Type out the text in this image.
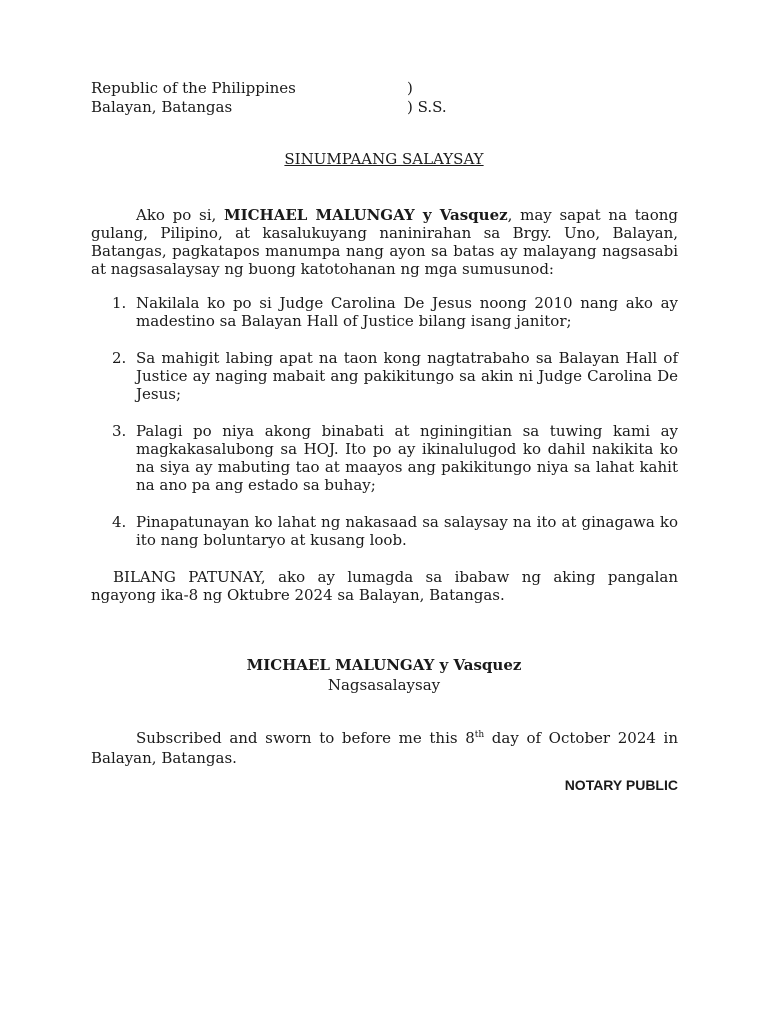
Republic of the Philippines	)
Balayan, Batangas	) S.S.
SINUMPAANG SALAYSAY
Ako po si, MICHAEL MALUNGAY y Vasquez, may sapat na taong gulang, Pilipino, at kasalukuyang naninirahan sa Brgy. Uno, Balayan, Batangas, pagkatapos manumpa nang ayon sa batas ay malayang nagsasabi at nagsasalaysay ng buong katotohanan ng mga sumusunod:
1. Nakilala ko po si Judge Carolina De Jesus noong 2010 nang ako ay madestino sa Balayan Hall of Justice bilang isang janitor;
2. Sa mahigit labing apat na taon kong nagtatrabaho sa Balayan Hall of Justice ay naging mabait ang pakikitungo sa akin ni Judge Carolina De Jesus;
3. Palagi po niya akong binabati at nginingitian sa tuwing kami ay magkakasalubong sa HOJ. Ito po ay ikinalulugod ko dahil nakikita ko na siya ay mabuting tao at maayos ang pakikitungo niya sa lahat kahit na ano pa ang estado sa buhay;
4. Pinapatunayan ko lahat ng nakasaad sa salaysay na ito at ginagawa ko ito nang boluntaryo at kusang loob.
BILANG PATUNAY, ako ay lumagda sa ibabaw ng aking pangalan ngayong ika-8 ng Oktubre 2024 sa Balayan, Batangas.
MICHAEL MALUNGAY y Vasquez
Nagsasalaysay
Subscribed and sworn to before me this 8th day of October 2024 in Balayan, Batangas.
NOTARY PUBLIC
